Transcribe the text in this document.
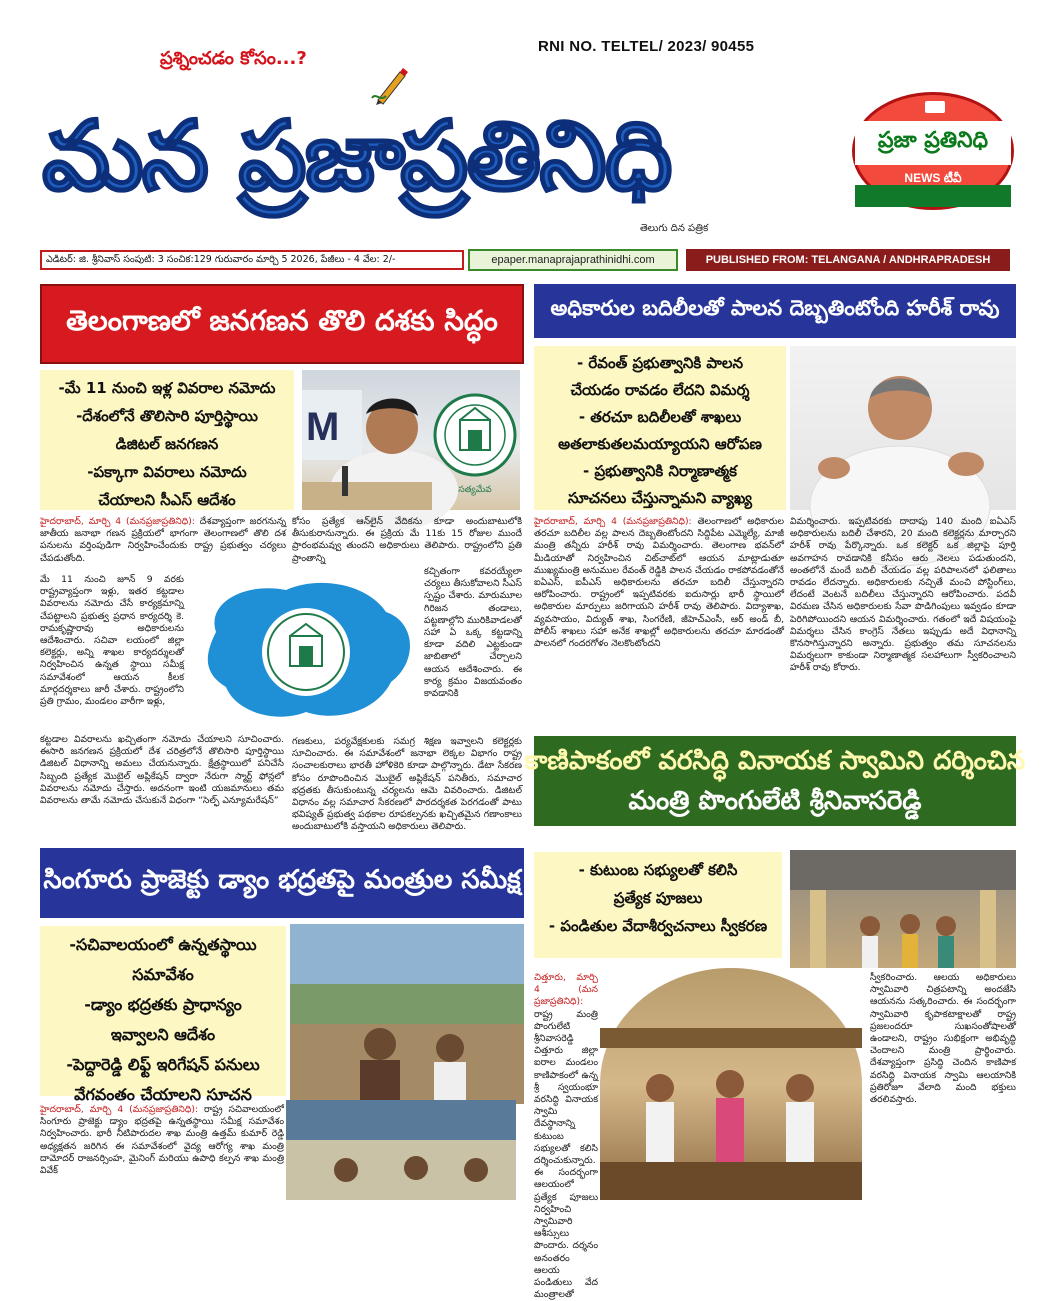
ప్రశ్నించడం కోసం...?
RNI NO. TELTEL/ 2023/ 90455
మన ప్రజాప్రతినిధి
తెలుగు దిన పత్రిక
ప్రజా ప్రతినిధి
NEWS టీవీ
ఎడిటర్: జి. శ్రీనివాస్ సంపుటి: 3 సంచిక:129 గురువారం మార్చి 5 2026, పేజీలు - 4 వేల: 2/-	epaper.manaprajaprathinidhi.com	PUBLISHED FROM: TELANGANA / ANDHRAPRADESH
తెలంగాణలో జనగణన తొలి దశకు సిద్ధం

-మే 11 నుంచి ఇళ్ల వివరాల నమోదు

-దేశంలోనే తొలిసారి పూర్తిస్థాయి

డిజిటల్ జనగణన

-పక్కాగా వివరాలు నమోదు

చేయాలని సీఎస్ ఆదేశం

M
సత్యమేవ
హైదరాబాద్, మార్చి 4 (మనప్రజాప్రతినిధి): దేశవ్యాప్తంగా జరగనున్న జాతీయ జనాభా గణన ప్రక్రియలో భాగంగా తెలంగాణలో తొలి దశ పనులను వర్తింపుడిగా నిర్వహించేందుకు రాష్ట్ర ప్రభుత్వం చర్యలు చేపడుతోంది.
మే 11 నుంచి జూన్ 9 వరకు రాష్ట్రవ్యాప్తంగా ఇళ్లు, ఇతర కట్టడాల వివరాలను నమోదు చేసే కార్యక్రమాన్ని చేపట్టాలని ప్రభుత్వ ప్రధాన కార్యదర్శి కె. రామకృష్ణారావు అధికారులను ఆదేశించారు. సచివా లయంలో జిల్లా కలెక్టర్లు, అన్ని శాఖల కార్యదర్శులతో నిర్వహించిన ఉన్నత స్థాయి సమీక్ష సమావేశంలో ఆయన కీలక మార్గదర్శకాలు జారీ చేశారు. రాష్ట్రంలోని ప్రతి గ్రామం, మండలం వారీగా ఇళ్లు,
కట్టడాల వివరాలను ఖచ్చితంగా నమోదు చేయాలని సూచించారు. ఈసారి జనగణన ప్రక్రియలో దేశ చరిత్రలోనే తొలిసారి పూర్తిస్థాయి డిజిటల్ విధానాన్ని అమలు చేయనున్నారు. క్షేత్రస్థాయిలో పనిచేసే సిబ్బంది ప్రత్యేక మొబైల్ అప్లికేషన్ ద్వారా నేరుగా స్మార్ట్ ఫోన్లలో వివరాలను నమోదు చేస్తారు. అదనంగా ఇంటి యజమానులు తమ వివరాలను తామే నమోదు చేసుకునే విధంగా “సెల్ఫ్ ఎన్యూమరేషన్”
కోసం ప్రత్యేక ఆన్‌లైన్ వేదికను కూడా అందుబాటులోకి తీసుకురానున్నారు. ఈ ప్రక్రియ మే 11కు 15 రోజుల ముందే ప్రారంభమవ్వు తుందని అధికారులు తెలిపారు. రాష్ట్రంలోని ప్రతి ప్రాంతాన్ని
కచ్చితంగా కవరయ్యేలా చర్యలు తీసుకోవాలని సీఎస్ స్పష్టం చేశారు. మారుమూల గిరిజన తండాలు, పట్టణాల్లోని మురికివాడలతో సహా ఏ ఒక్క కట్టడాన్ని కూడా వదిలి ఎట్టకుండా జాబితాలో చేర్చాలని ఆయన ఆదేశించారు. ఈ కార్య క్రమం విజయవంతం కావడానికి
గణకులు, పర్యవేక్షకులకు సమగ్ర శిక్షణ ఇవ్వాలని కలెక్టర్లకు సూచించారు. ఈ సమావేశంలో జనాభా లెక్కల విభాగం రాష్ట్ర సంచాలకురాలు భారతీ హోళికెరి కూడా పాల్గొన్నారు. డేటా సేకరణ కోసం రూపొందించిన మొబైల్ అప్లికేషన్ పనితీరు, సమాచార భద్రతకు తీసుకుంటున్న చర్యలను ఆమె వివరించారు. డిజిటల్ విధానం వల్ల సమాచార సేకరణలో పారదర్శకత పెరగడంతో పాటు భవిష్యత్ ప్రభుత్వ పథకాల రూపకల్పనకు ఖచ్చితమైన గణాంకాలు అందుబాటులోకి వస్తాయని అధికారులు తెలిపారు.
అధికారుల బదిలీలతో పాలన దెబ్బతింటోంది హరీశ్ రావు

- రేవంత్ ప్రభుత్వానికి పాలన

చేయడం రావడం లేదని విమర్శ

- తరచూ బదిలీలతో శాఖలు

అతలాకుతలమయ్యాయని ఆరోపణ

- ప్రభుత్వానికి నిర్మాణాత్మక

సూచనలు చేస్తున్నామని వ్యాఖ్య

హైదరాబాద్, మార్చి 4 (మనప్రజాప్రతినిధి): తెలంగాణలో అధికారుల తరచూ బదిలీల వల్ల పాలన దెబ్బతింటోందని సిద్దిపేట ఎమ్మెల్యే, మాజీ మంత్రి తన్నీరు హరీశ్ రావు విమర్శించారు. తెలంగాణ భవన్‌లో మీడియాతో నిర్వహించిన చిట్‌చాట్‌లో ఆయన మాట్లాడుతూ ముఖ్యమంత్రి అనుముల రేవంత్ రెడ్డికి పాలన చేయడం రాకపోవడంతోనే ఐఏఎస్, ఐపీఎస్ అధికారులను తరచూ బదిలీ చేస్తున్నారని ఆరోపించారు. రాష్ట్రంలో ఇప్పటివరకు ఐదుసార్లు భారీ స్థాయిలో అధికారుల మార్పులు జరిగాయని హరీశ్ రావు తెలిపారు. విద్యాశాఖ, వ్యవసాయం, విద్యుత్ శాఖ, సింగరేణి, జీహెచ్ఎంసీ, ఆర్ అండ్ బీ, పోలీస్ శాఖలు సహా అనేక శాఖల్లో అధికారులను తరచూ మారడంతో పాలనలో గందరగోళం నెలకొంటోందని
విమర్శించారు. ఇప్పటివరకు దాదాపు 140 మంది ఐఏఎస్ అధికారులను బదిలీ చేశారని, 20 మంది కలెక్టర్లను మార్చారని హరీశ్ రావు పేర్కొన్నారు. ఒక కలెక్టర్ ఒక జిల్లాపై పూర్తి అవగాహన రావడానికి కనీసం ఆరు నెలలు పడుతుందని, అంతలోనే మందే బదిలీ చేయడం వల్ల పరిపాలనలో ఫలితాలు రావడం లేదన్నారు. అధికారులకు నచ్చితే మంచి పోస్టింగ్‌లు, లేదంటే వెంటనే బదిలీలు చేస్తున్నారని ఆరోపించారు. పదవీ విరమణ చేసిన అధికారులకు సేవా పొడిగింపులు ఇవ్వడం కూడా పెరిగిపోయిందని ఆయన విమర్శించారు. గతంలో ఇదే విషయంపై విమర్శలు చేసిన కాంగ్రెస్ నేతలు ఇప్పుడు అదే విధానాన్ని కొనసాగిస్తున్నారని అన్నారు. ప్రభుత్వం తమ సూచనలను విమర్శలుగా కాకుండా నిర్మాణాత్మక సలహాలుగా స్వీకరించాలని హరీశ్ రావు కోరారు.
కాణిపాకంలో వరసిద్ధి వినాయక స్వామిని దర్శించిన
మంత్రి పొంగులేటి శ్రీనివాసరెడ్డి

- కుటుంబ సభ్యులతో కలిసి

ప్రత్యేక పూజలు

- పండితుల వేదాశీర్వచనాలు స్వీకరణ

చిత్తూరు, మార్చి 4 (మన ప్రజాప్రతినిధి): రాష్ట్ర మంత్రి పొంగులేటి శ్రీనివాసరెడ్డి చిత్తూరు జిల్లా ఐరాల మండలం కాణిపాకంలో ఉన్న శ్రీ స్వయంభూ వరసిద్ధి వినాయక స్వామి దేవస్థానాన్ని కుటుంబ సభ్యులతో కలిసి దర్శించుకున్నారు. ఈ సందర్భంగా ఆలయంలో ప్రత్యేక పూజలు నిర్వహించి స్వామివారి ఆశీస్సులు పొందారు. దర్శనం అనంతరం ఆలయ పండితులు వేద మంత్రాలతో
స్వీకరించారు. ఆలయ అధికారులు స్వామివారి చిత్రపటాన్ని అందజేసి ఆయనను సత్కరించారు. ఈ సందర్భంగా స్వామివారి కృపాకటాక్షాలతో రాష్ట్ర ప్రజలందరూ సుఖసంతోషాలతో ఉండాలని, రాష్ట్రం సుభిక్షంగా అభివృద్ధి చెందాలని మంత్రి ప్రార్థించారు. దేశవ్యాప్తంగా ప్రసిద్ధి చెందిన కాణిపాక వరసిద్ధి వినాయక స్వామి ఆలయానికి ప్రతిరోజూ వేలాది మంది భక్తులు తరలివస్తారు.
సింగూరు ప్రాజెక్టు డ్యాం భద్రతపై మంత్రుల సమీక్ష

-సచివాలయంలో ఉన్నతస్థాయి

సమావేశం

-డ్యాం భద్రతకు ప్రాధాన్యం

ఇవ్వాలని ఆదేశం

-పెద్దారెడ్డి లిఫ్ట్ ఇరిగేషన్ పనులు

వేగవంతం చేయాలని సూచన

హైదరాబాద్, మార్చి 4 (మనప్రజాప్రతినిధి): రాష్ట్ర సచివాలయంలో సింగూరు ప్రాజెక్టు డ్యాం భద్రతపై ఉన్నతస్థాయి సమీక్ష సమావేశం నిర్వహించారు. భారీ నీటిపారుదల శాఖ మంత్రి ఉత్తమ్ కుమార్ రెడ్డి అధ్యక్షతన జరిగిన ఈ సమావేశంలో వైద్య ఆరోగ్య శాఖ మంత్రి దామోదర్ రాజనర్సింహ, మైనింగ్ మరియు ఉపాధి కల్పన శాఖ మంత్రి వివేక్
